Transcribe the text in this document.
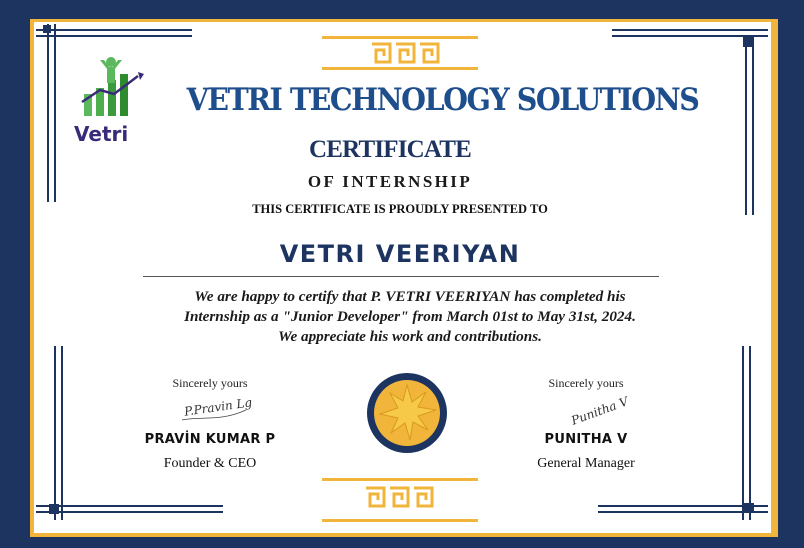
Vetri
VETRI TECHNOLOGY SOLUTIONS
CERTIFICATE
OF INTERNSHIP
THIS CERTIFICATE IS PROUDLY PRESENTED TO
VETRI VEERIYAN
We are happy to certify that P. VETRI VEERIYAN has completed his
Internship as a "Junior Developer" from March 01st to May 31st, 2024.
We appreciate his work and contributions.
Sincerely yours
P.Pravin Lg
PRAVİN KUMAR P
Founder & CEO
Sincerely yours
Punitha V
PUNITHA V
General Manager
